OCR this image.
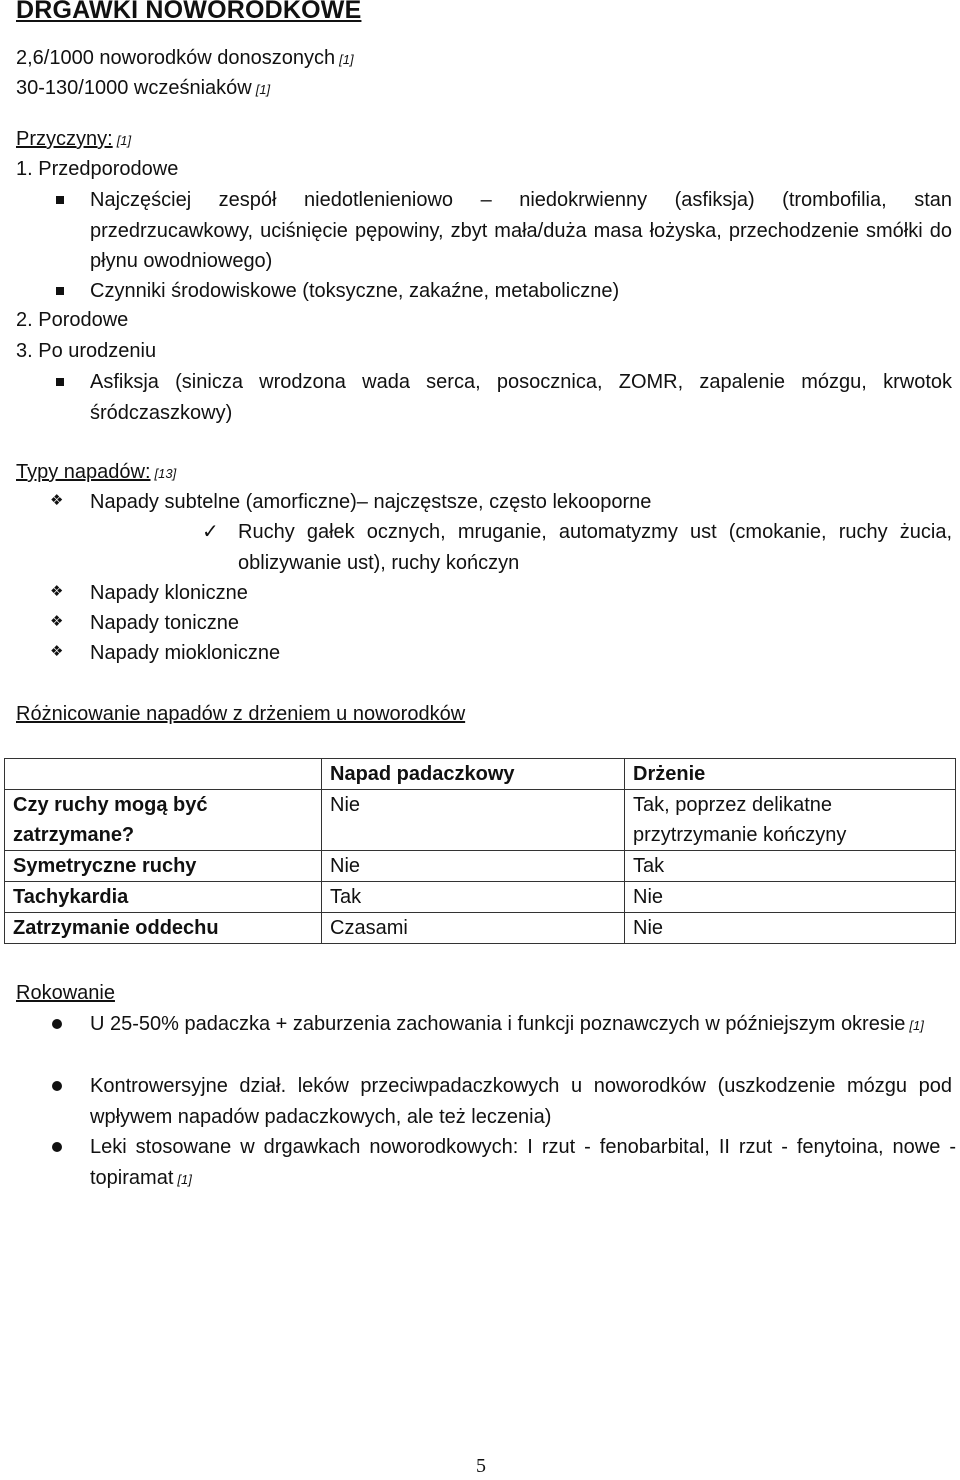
DRGAWKI NOWORODKOWE
2,6/1000 noworodków donoszonych [1]
30-130/1000 wcześniaków [1]
Przyczyny: [1]
1. Przedporodowe
Najczęściej zespół niedotlenieniowo – niedokrwienny (asfiksja) (trombofilia, stan przedrzucawkowy, uciśnięcie pępowiny, zbyt mała/duża masa łożyska, przechodzenie smółki do płynu owodniowego)
Czynniki środowiskowe (toksyczne, zakaźne, metaboliczne)
2. Porodowe
3. Po urodzeniu
Asfiksja (sinicza wrodzona wada serca, posocznica, ZOMR, zapalenie mózgu, krwotok śródczaszkowy)
Typy napadów: [13]
❖	Napady subtelne (amorficzne)– najczęstsze, często lekooporne
✓ Ruchy gałek ocznych, mruganie, automatyzmy ust (cmokanie, ruchy żucia, oblizywanie ust), ruchy kończyn
❖	Napady kloniczne
❖	Napady toniczne
❖	Napady miokloniczne
Różnicowanie napadów z drżeniem u noworodków
	Napad padaczkowy	Drżenie
Czy ruchy mogą być zatrzymane?	Nie	Tak, poprzez delikatne przytrzymanie kończyny
Symetryczne ruchy	Nie	Tak
Tachykardia	Tak	Nie
Zatrzymanie oddechu	Czasami	Nie
Rokowanie
U 25-50% padaczka + zaburzenia zachowania i funkcji poznawczych w późniejszym okresie [1]
Kontrowersyjne dział. leków przeciwpadaczkowych u noworodków (uszkodzenie mózgu pod wpływem napadów padaczkowych, ale też leczenia)
Leki stosowane w drgawkach noworodkowych: I rzut - fenobarbital, II rzut - fenytoina, nowe - topiramat [1]
5
